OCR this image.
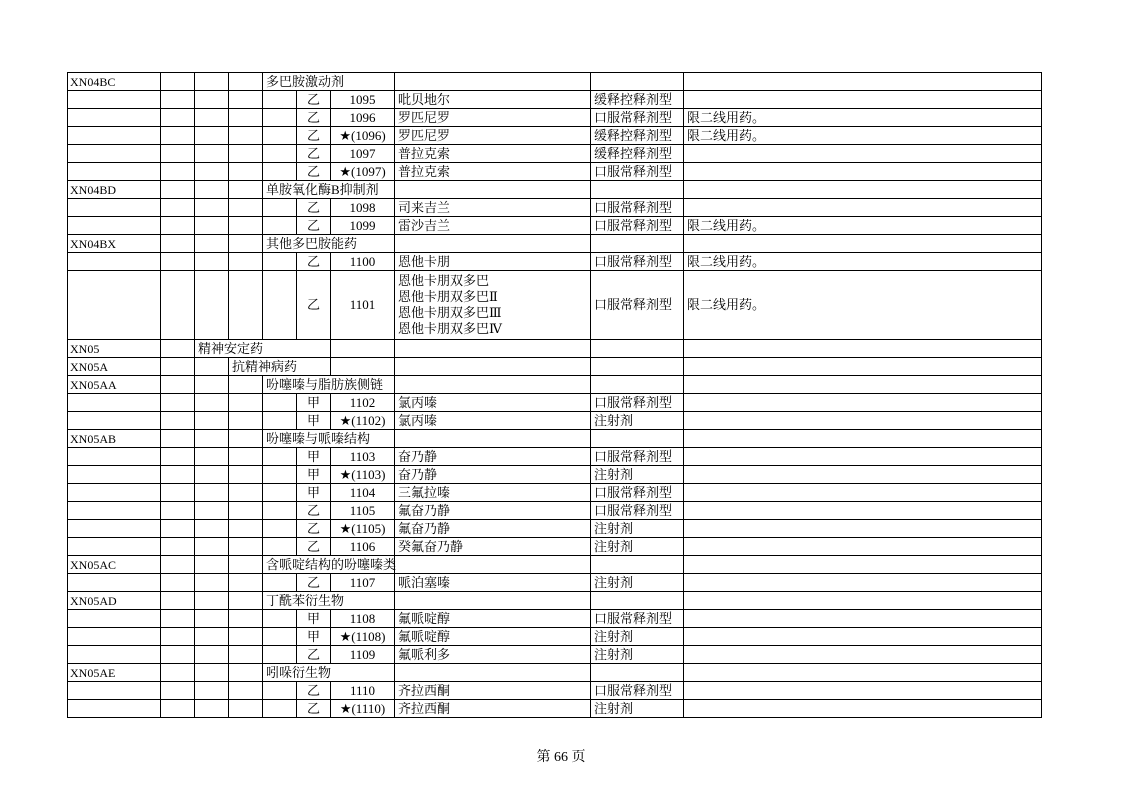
XN04BC				多巴胺激动剂					
					乙	1095	吡贝地尔	缓释控释剂型	
					乙	1096	罗匹尼罗	口服常释剂型	限二线用药。
					乙	★(1096)	罗匹尼罗	缓释控释剂型	限二线用药。
					乙	1097	普拉克索	缓释控释剂型	
					乙	★(1097)	普拉克索	口服常释剂型	
XN04BD				单胺氧化酶B抑制剂					
					乙	1098	司来吉兰	口服常释剂型	
					乙	1099	雷沙吉兰	口服常释剂型	限二线用药。
XN04BX				其他多巴胺能药					
					乙	1100	恩他卡朋	口服常释剂型	限二线用药。
					乙	1101	恩他卡朋双多巴
恩他卡朋双多巴Ⅱ
恩他卡朋双多巴Ⅲ
恩他卡朋双多巴Ⅳ	口服常释剂型	限二线用药。
XN05		精神安定药							
XN05A			抗精神病药						
XN05AA				吩噻嗪与脂肪族侧链					
					甲	1102	氯丙嗪	口服常释剂型	
					甲	★(1102)	氯丙嗪	注射剂	
XN05AB				吩噻嗪与哌嗪结构					
					甲	1103	奋乃静	口服常释剂型	
					甲	★(1103)	奋乃静	注射剂	
					甲	1104	三氟拉嗪	口服常释剂型	
					乙	1105	氟奋乃静	口服常释剂型	
					乙	★(1105)	氟奋乃静	注射剂	
					乙	1106	癸氟奋乃静	注射剂	
XN05AC				含哌啶结构的吩噻嗪类					
					乙	1107	哌泊塞嗪	注射剂	
XN05AD				丁酰苯衍生物					
					甲	1108	氟哌啶醇	口服常释剂型	
					甲	★(1108)	氟哌啶醇	注射剂	
					乙	1109	氟哌利多	注射剂	
XN05AE				吲哚衍生物					
					乙	1110	齐拉西酮	口服常释剂型	
					乙	★(1110)	齐拉西酮	注射剂	
第 66 页
